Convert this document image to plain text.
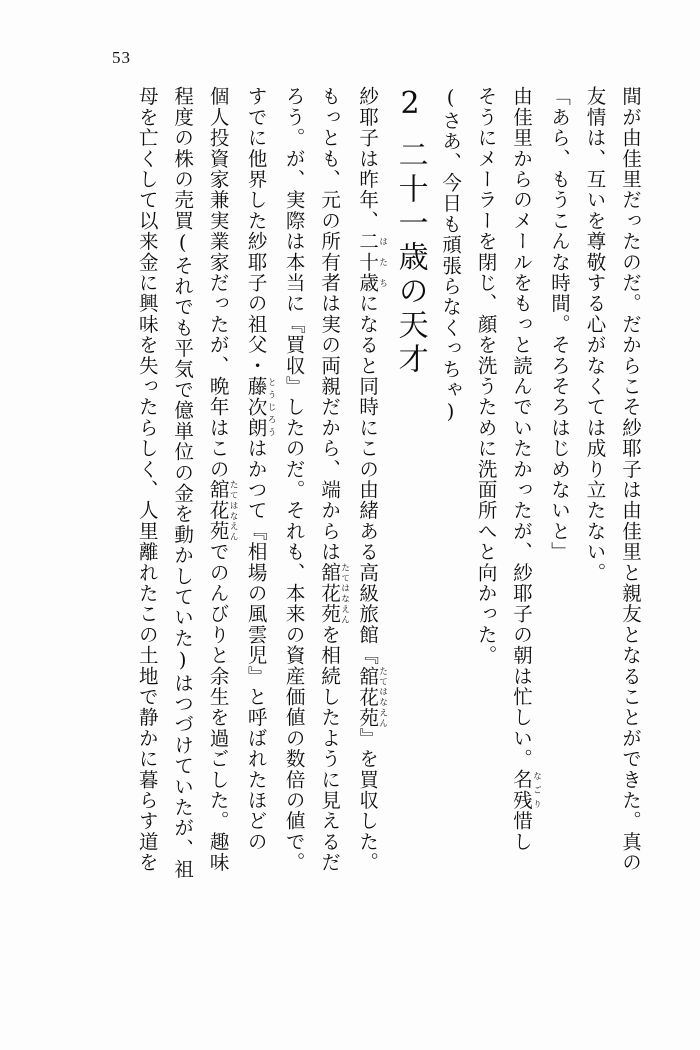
53

間が由佳里だったのだ。だからこそ紗耶子は由佳里と親友となることができた。真の

友情は、互いを尊敬する心がなくては成り立たない。

「あら、もうこんな時間。そろそろはじめないと」

由佳里からのメールをもっと読んでいたかったが、紗耶子の朝は忙しい。名残なごり惜し

そうにメーラーを閉じ、顔を洗うために洗面所へと向かった。

(さあ、今日も頑張らなくっちゃ)

2二十一歳の天才

紗耶子は昨年、二十歳はたちになると同時にこの由緒ある高級旅館『舘花苑たてはなえん』を買収した。

もっとも、元の所有者は実の両親だから、端からは舘花苑たてはなえんを相続したように見えるだ

ろう。が、実際は本当に『買収』したのだ。それも、本来の資産価値の数倍の値で。

すでに他界した紗耶子の祖父・藤次朗とうじろうはかつて『相場の風雲児』と呼ばれたほどの

個人投資家兼実業家だったが、晩年はこの舘花苑たてはなえんでのんびりと余生を過ごした。趣味

程度の株の売買(それでも平気で億単位の金を動かしていた)はつづけていたが、祖

母を亡くして以来金に興味を失ったらしく、人里離れたこの土地で静かに暮らす道を
